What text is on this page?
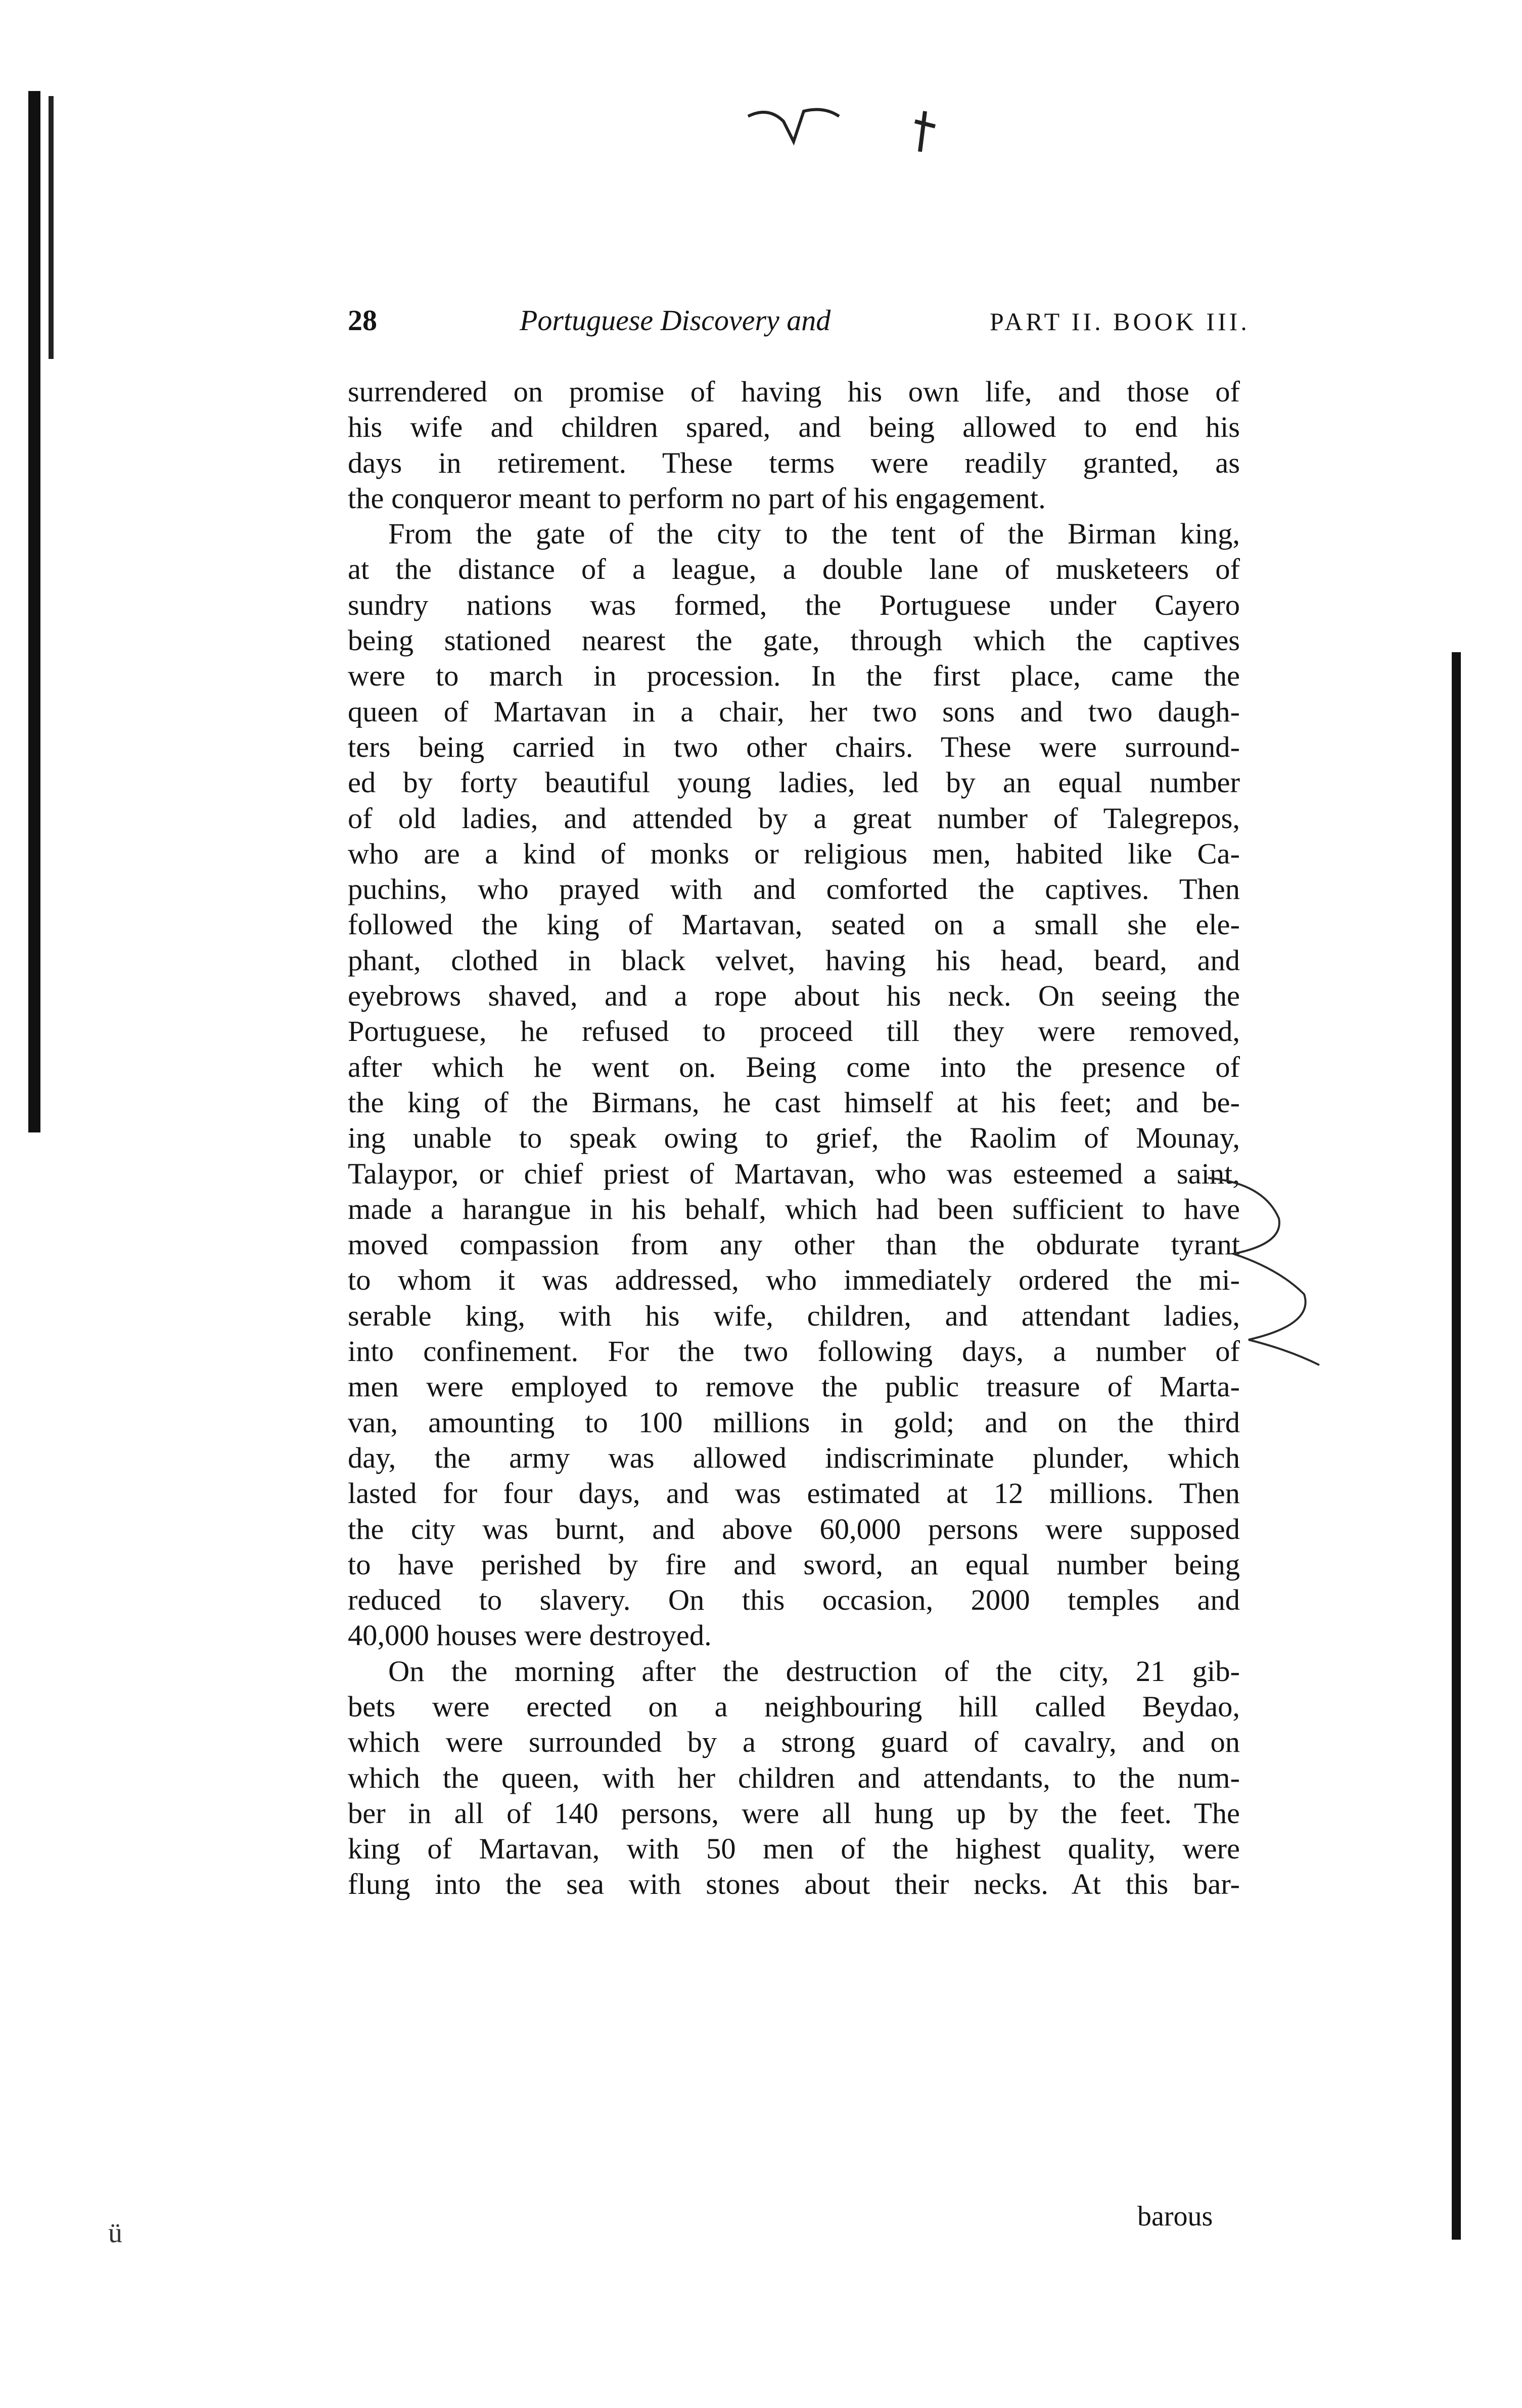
ü
28	Portuguese Discovery and	PART II. BOOK III.

surrendered on promise of having his own life, and those of

his wife and children spared, and being allowed to end his

days in retirement. These terms were readily granted, as

the conqueror meant to perform no part of his engagement.

From the gate of the city to the tent of the Birman king,

at the distance of a league, a double lane of musketeers of

sundry nations was formed, the Portuguese under Cayero

being stationed nearest the gate, through which the captives

were to march in procession. In the first place, came the

queen of Martavan in a chair, her two sons and two daugh-

ters being carried in two other chairs. These were surround-

ed by forty beautiful young ladies, led by an equal number

of old ladies, and attended by a great number of Talegrepos,

who are a kind of monks or religious men, habited like Ca-

puchins, who prayed with and comforted the captives. Then

followed the king of Martavan, seated on a small she ele-

phant, clothed in black velvet, having his head, beard, and

eyebrows shaved, and a rope about his neck. On seeing the

Portuguese, he refused to proceed till they were removed,

after which he went on. Being come into the presence of

the king of the Birmans, he cast himself at his feet; and be-

ing unable to speak owing to grief, the Raolim of Mounay,

Talaypor, or chief priest of Martavan, who was esteemed a saint,

made a harangue in his behalf, which had been sufficient to have

moved compassion from any other than the obdurate tyrant

to whom it was addressed, who immediately ordered the mi-

serable king, with his wife, children, and attendant ladies,

into confinement. For the two following days, a number of

men were employed to remove the public treasure of Marta-

van, amounting to 100 millions in gold; and on the third

day, the army was allowed indiscriminate plunder, which

lasted for four days, and was estimated at 12 millions. Then

the city was burnt, and above 60,000 persons were supposed

to have perished by fire and sword, an equal number being

reduced to slavery. On this occasion, 2000 temples and

40,000 houses were destroyed.

On the morning after the destruction of the city, 21 gib-

bets were erected on a neighbouring hill called Beydao,

which were surrounded by a strong guard of cavalry, and on

which the queen, with her children and attendants, to the num-

ber in all of 140 persons, were all hung up by the feet. The

king of Martavan, with 50 men of the highest quality, were

flung into the sea with stones about their necks. At this bar-

barous
